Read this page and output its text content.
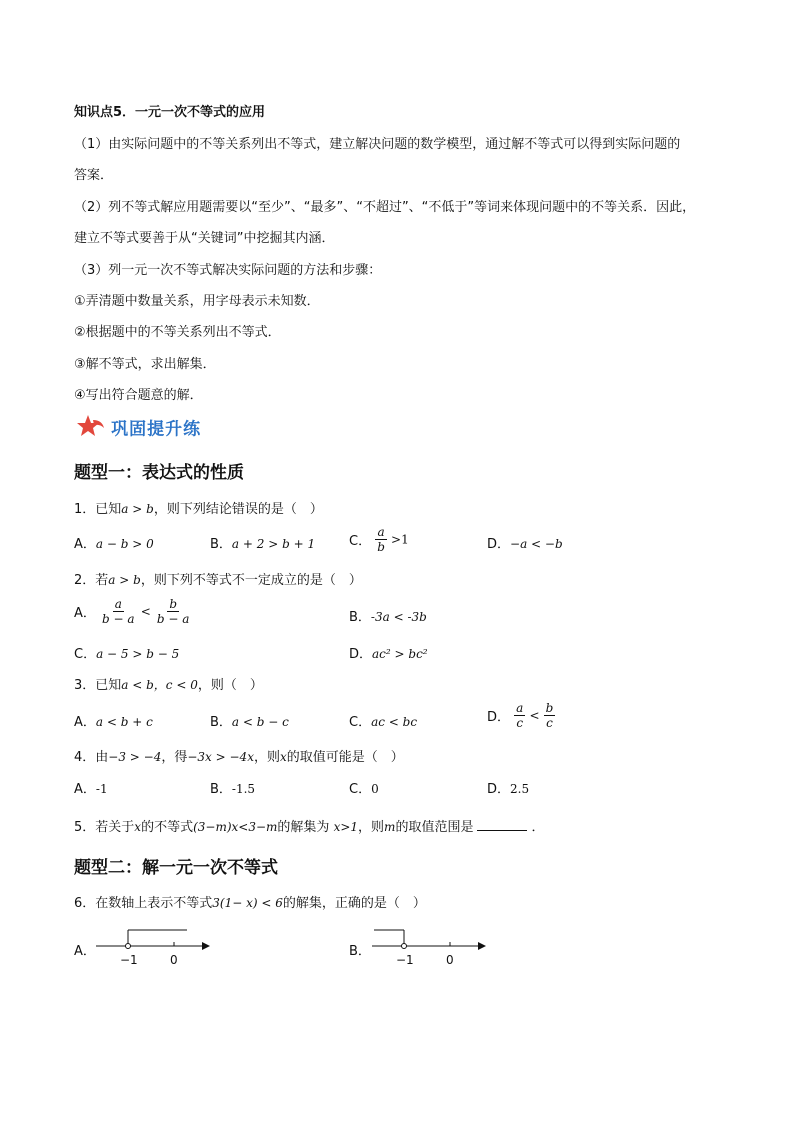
知识点5．一元一次不等式的应用
（1）由实际问题中的不等关系列出不等式，建立解决问题的数学模型，通过解不等式可以得到实际问题的
答案．
（2）列不等式解应用题需要以“至少”、“最多”、“不超过”、“不低于”等词来体现问题中的不等关系．因此，
建立不等式要善于从“关键词”中挖掘其内涵．
（3）列一元一次不等式解决实际问题的方法和步骤：
①弄清题中数量关系，用字母表示未知数．
②根据题中的不等关系列出不等式．
③解不等式，求出解集．
④写出符合题意的解．
巩固提升练
题型一：表达式的性质
1．已知a > b，则下列结论错误的是（　）
A．a − b > 0	B．a + 2 > b + 1	C． $\frac{a}{b} >1$	D．−a < −b
2．若a > b，则下列不等式不一定成立的是（　）
A． $\frac{a}{b - a} < \frac{b}{b - a}$	B．-3a < -3b
C．a − 5 > b − 5	D．ac² > bc²
3．已知a < b，c < 0，则（　）
A．a < b + c	B．a < b − c	C．ac < bc	D． $\frac{a}{c} < \frac{b}{c}$
4．由−3 > −4，得−3x > −4x，则x的取值可能是（　）
A．-1	B．-1.5	C．0	D．2.5
5．若关于x的不等式(3−m)x<3−m的解集为 x>1，则m的取值范围是	．
题型二：解一元一次不等式
6．在数轴上表示不等式3(1− x) < 6的解集，正确的是（　）
A．
−1	0
B．
−1	0
